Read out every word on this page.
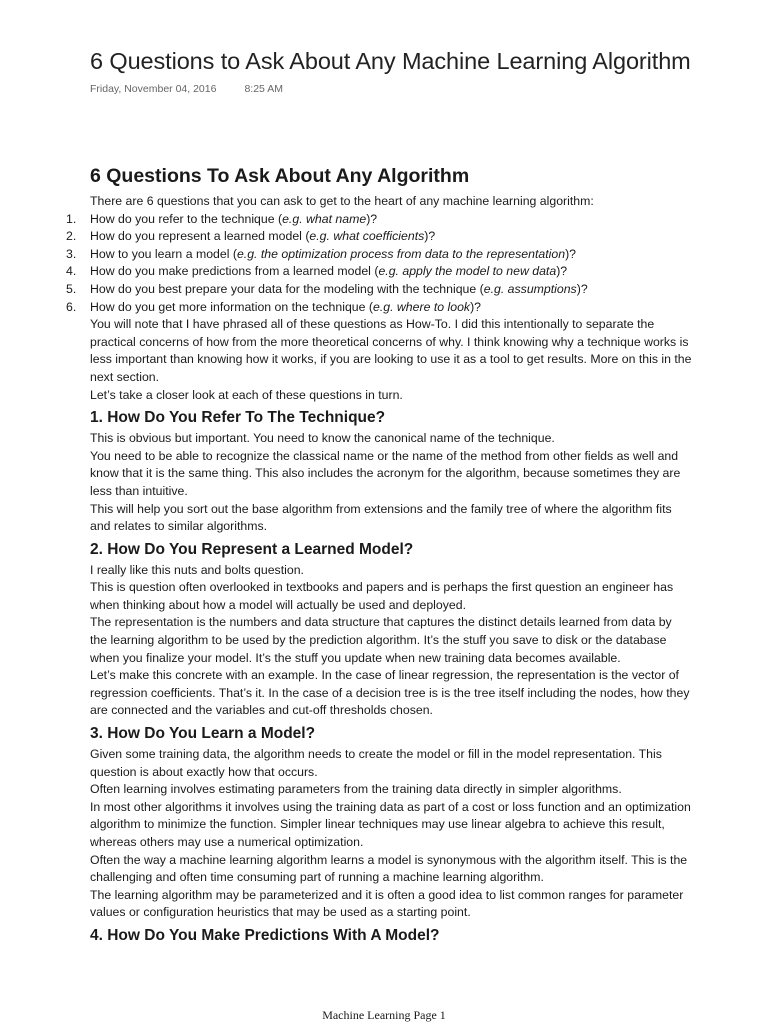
6 Questions to Ask About Any Machine Learning Algorithm
Friday, November 04, 2016	8:25 AM
6 Questions To Ask About Any Algorithm

There are 6 questions that you can ask to get to the heart of any machine learning algorithm:

1.	How do you refer to the technique (e.g. what name)?
2.	How do you represent a learned model (e.g. what coefficients)?
3.	How to you learn a model (e.g. the optimization process from data to the representation)?
4.	How do you make predictions from a learned model (e.g. apply the model to new data)?
5.	How do you best prepare your data for the modeling with the technique (e.g. assumptions)?
6.	How do you get more information on the technique (e.g. where to look)?

You will note that I have phrased all of these questions as How-To. I did this intentionally to separate the practical concerns of how from the more theoretical concerns of why. I think knowing why a technique works is less important than knowing how it works, if you are looking to use it as a tool to get results. More on this in the next section.

Let’s take a closer look at each of these questions in turn.

1. How Do You Refer To The Technique?

This is obvious but important. You need to know the canonical name of the technique.

You need to be able to recognize the classical name or the name of the method from other fields as well and know that it is the same thing. This also includes the acronym for the algorithm, because sometimes they are less than intuitive.

This will help you sort out the base algorithm from extensions and the family tree of where the algorithm fits and relates to similar algorithms.

2. How Do You Represent a Learned Model?

I really like this nuts and bolts question.

This is question often overlooked in textbooks and papers and is perhaps the first question an engineer has when thinking about how a model will actually be used and deployed.

The representation is the numbers and data structure that captures the distinct details learned from data by the learning algorithm to be used by the prediction algorithm. It’s the stuff you save to disk or the database when you finalize your model. It’s the stuff you update when new training data becomes available.

Let’s make this concrete with an example. In the case of linear regression, the representation is the vector of regression coefficients. That’s it. In the case of a decision tree is is the tree itself including the nodes, how they are connected and the variables and cut-off thresholds chosen.

3. How Do You Learn a Model?

Given some training data, the algorithm needs to create the model or fill in the model representation. This question is about exactly how that occurs.

Often learning involves estimating parameters from the training data directly in simpler algorithms.

In most other algorithms it involves using the training data as part of a cost or loss function and an optimization algorithm to minimize the function. Simpler linear techniques may use linear algebra to achieve this result, whereas others may use a numerical optimization.

Often the way a machine learning algorithm learns a model is synonymous with the algorithm itself. This is the challenging and often time consuming part of running a machine learning algorithm.

The learning algorithm may be parameterized and it is often a good idea to list common ranges for parameter values or configuration heuristics that may be used as a starting point.

4. How Do You Make Predictions With A Model?
Machine Learning Page 1
